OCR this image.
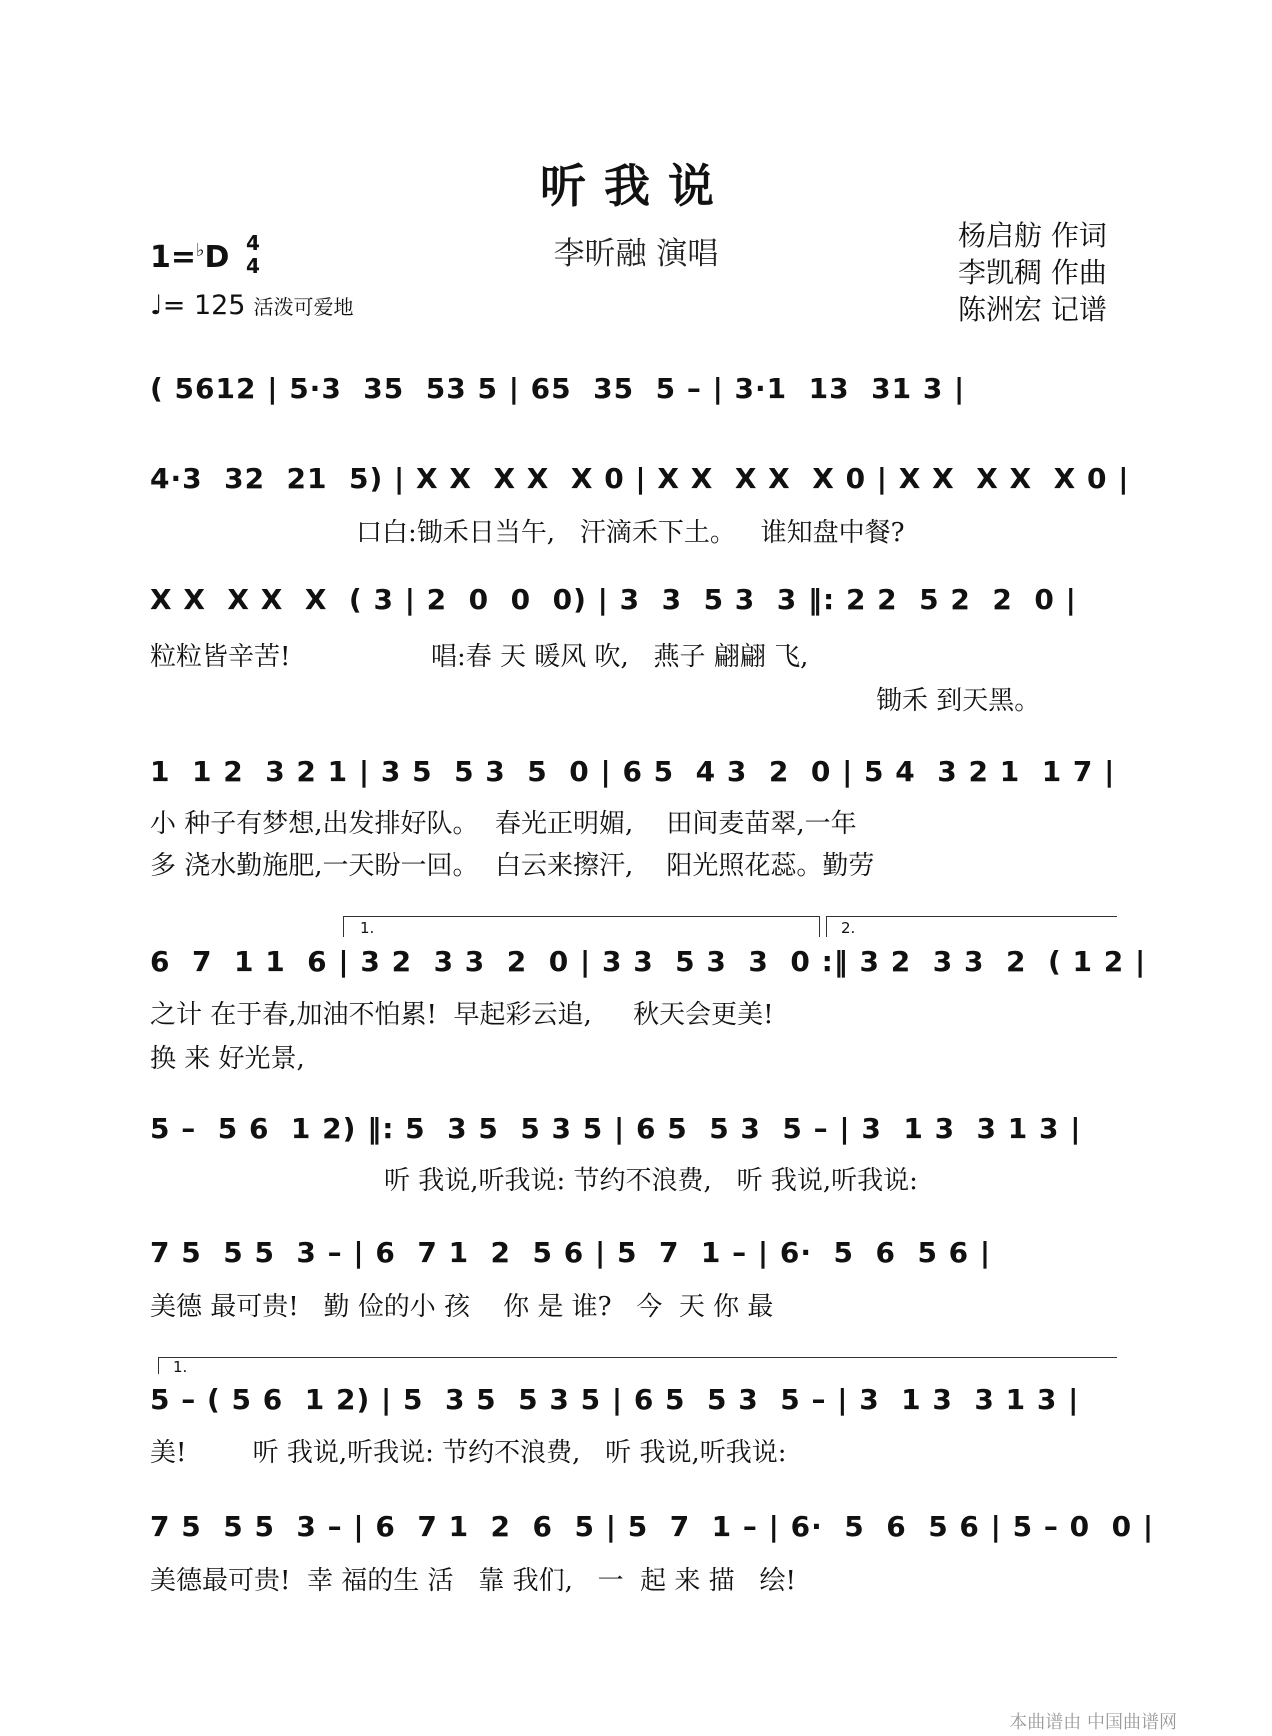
听我说
李昕融 演唱
1=♭D 4
4
♩= 125 活泼可爱地
杨启舫 作词
李凯稠 作曲
陈洲宏 记谱
( 5612 | 5·3  35  53 5 | 65  35  5 – | 3·1  13  31 3 |
4·3  32  21  5) | X X  X X  X 0 | X X  X X  X 0 | X X  X X  X 0 |
口白:锄禾日当午,   汗滴禾下土。   谁知盘中餐?
X X  X X  X  ( 3 | 2  0  0  0) | 3  3  5 3  3 ‖: 2 2  5 2  2  0 |
粒粒皆辛苦!                 唱:春 天 暖风 吹,   燕子 翩翩 飞,
锄禾 到天黑。
1  1 2  3 2 1 | 3 5  5 3  5  0 | 6 5  4 3  2  0 | 5 4  3 2 1  1 7 |
小 种子有梦想,出发排好队。  春光正明媚,    田间麦苗翠,一年
多 浇水勤施肥,一天盼一回。  白云来擦汗,    阳光照花蕊。勤劳
1.	2.
6  7  1 1  6 | 3 2  3 3  2  0 | 3 3  5 3  3  0 :‖ 3 2  3 3  2  ( 1 2 |
之计 在于春,加油不怕累!  早起彩云追,     秋天会更美!
换 来 好光景,
5 –  5 6  1 2) ‖: 5  3 5  5 3 5 | 6 5  5 3  5 – | 3  1 3  3 1 3 |
听 我说,听我说: 节约不浪费,   听 我说,听我说:
7 5  5 5  3 – | 6  7 1  2  5 6 | 5  7  1 – | 6·  5  6  5 6 |
美德 最可贵!   勤 俭的小 孩    你 是 谁?   今  天 你 最
1.
5 – ( 5 6  1 2) | 5  3 5  5 3 5 | 6 5  5 3  5 – | 3  1 3  3 1 3 |
美!        听 我说,听我说: 节约不浪费,   听 我说,听我说:
7 5  5 5  3 – | 6  7 1  2  6  5 | 5  7  1 – | 6·  5  6  5 6 | 5 – 0  0 |
美德最可贵!  幸 福的生 活   靠 我们,   一  起 来 描   绘!
本曲谱由 中国曲谱网
